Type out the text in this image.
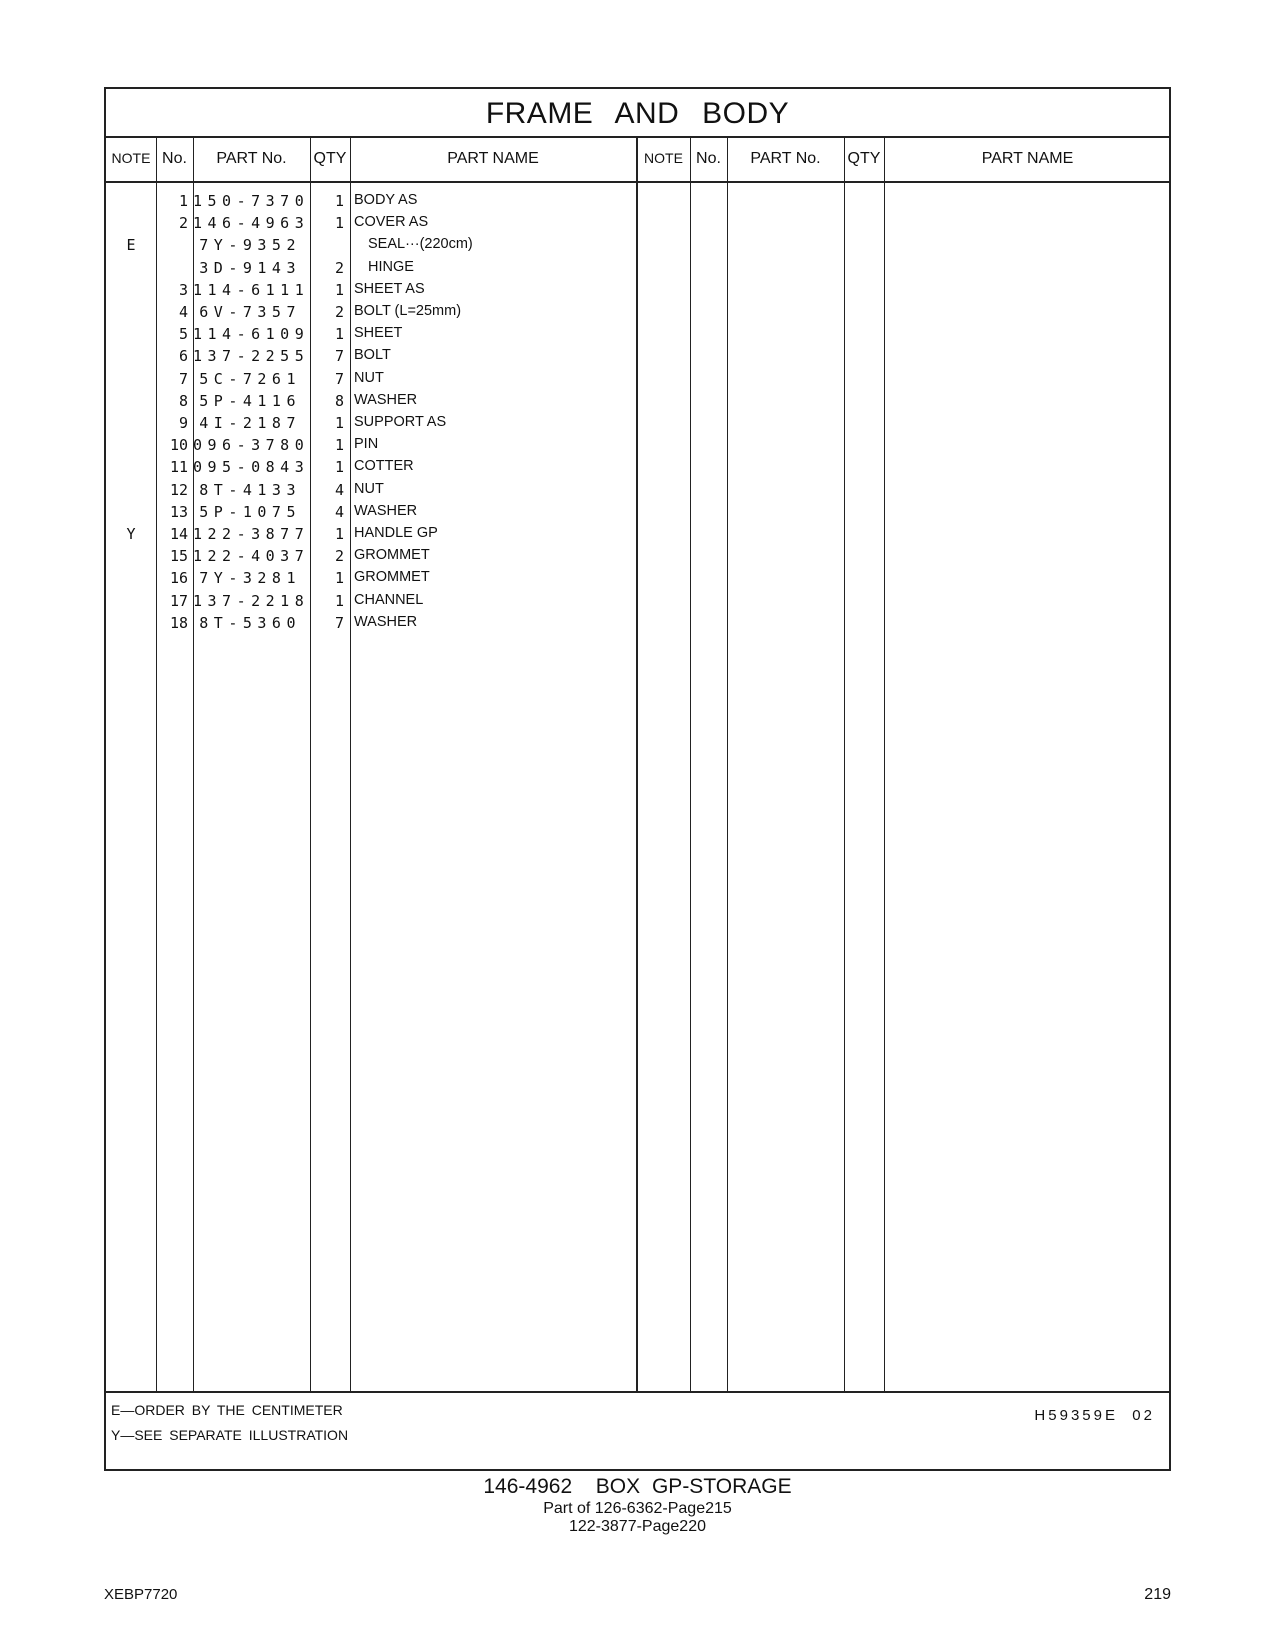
FRAME AND BODY
NOTE No.	PART No.	QTY	PART NAME	NOTE No.	PART No.	QTY	PART NAME
1 150-7370	1 BODY AS
2 146-4963	1 COVER AS
E	7Y-9352	SEAL···(220cm)
3D-9143	2 HINGE
3 114-6111	1 SHEET AS
4 6V-7357	2 BOLT (L=25mm)
5 114-6109	1 SHEET
6 137-2255	7 BOLT
7 5C-7261	7 NUT
8 5P-4116	8 WASHER
9 4I-2187	1 SUPPORT AS
10 096-3780	1 PIN
11 095-0843	1 COTTER
12 8T-4133	4 NUT
13 5P-1075	4 WASHER
Y	14 122-3877	1 HANDLE GP
15 122-4037	2 GROMMET
16 7Y-3281	1 GROMMET
17 137-2218	1 CHANNEL
18 8T-5360	7 WASHER
E—ORDER BY THE CENTIMETER
Y—SEE SEPARATE ILLUSTRATION
H59359E  02
146-4962  BOX GP-STORAGE
Part of 126-6362-Page215
122-3877-Page220
XEBP7720	219
